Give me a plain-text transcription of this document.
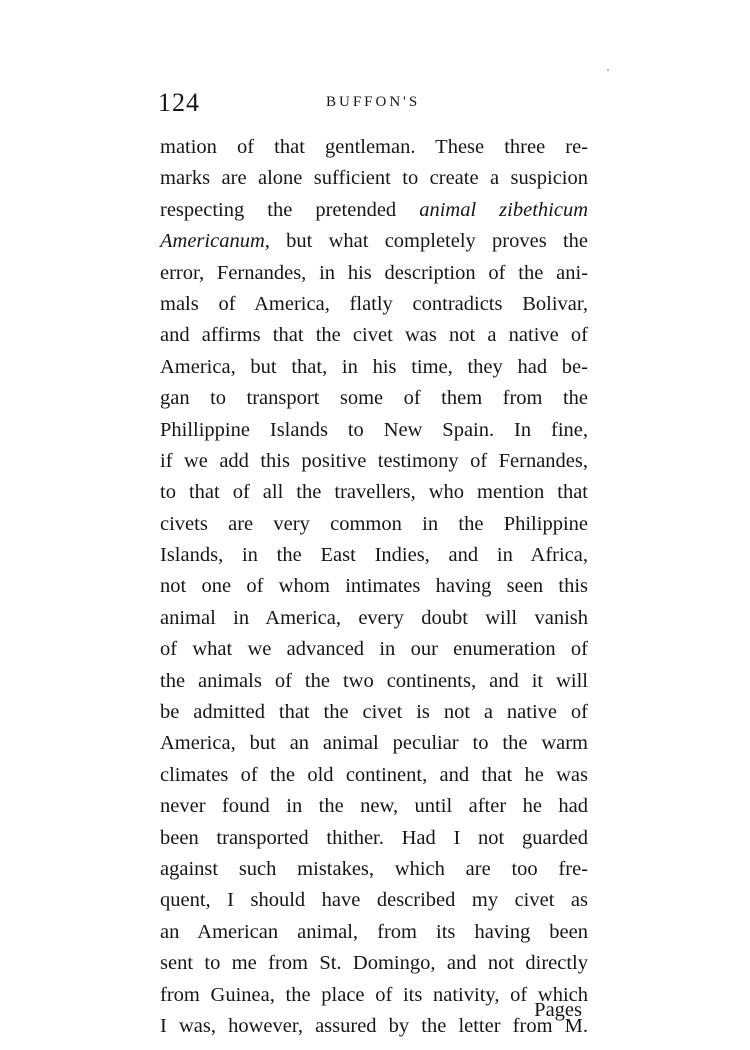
124	BUFFON'S
mation of that gentleman. These three re-
marks are alone sufficient to create a suspicion
respecting the pretended animal zibethicum
Americanum, but what completely proves the
error, Fernandes, in his description of the ani-
mals of America, flatly contradicts Bolivar,
and affirms that the civet was not a native of
America, but that, in his time, they had be-
gan to transport some of them from the
Phillippine Islands to New Spain. In fine,
if we add this positive testimony of Fernandes,
to that of all the travellers, who mention that
civets are very common in the Philippine
Islands, in the East Indies, and in Africa,
not one of whom intimates having seen this
animal in America, every doubt will vanish
of what we advanced in our enumeration of
the animals of the two continents, and it will
be admitted that the civet is not a native of
America, but an animal peculiar to the warm
climates of the old continent, and that he was
never found in the new, until after he had
been transported thither. Had I not guarded
against such mistakes, which are too fre-
quent, I should have described my civet as
an American animal, from its having been
sent to me from St. Domingo, and not directly
from Guinea, the place of its nativity, of which
I was, however, assured by the letter from M.
Pages
